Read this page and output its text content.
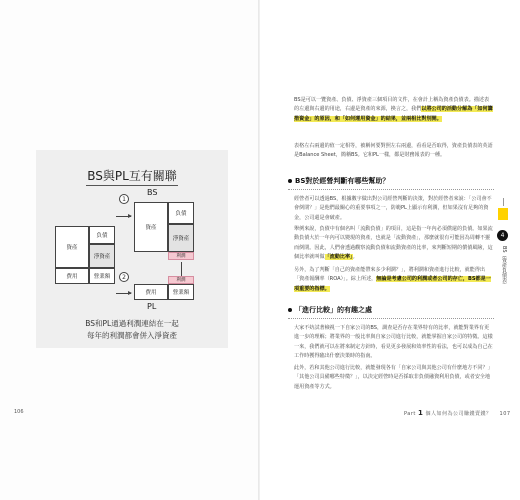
BS與PL互有關聯
BS
資產
負債
淨資產
資產
負債
淨資產
1
利潤
2
費用	營業額
利潤
費用	營業額
PL
BS和PL通過利潤連結在一起
每年的利潤都會併入淨資產
106

BS是可以一覽資產、負債、淨資產三個項目的文件，在會計上稱為資產負債表。描述表的左邊與右邊的用途，右邊是資產的來源，換言之，我們以將公司的活動分解為「如何籌措資金」的原因，和「如何運用資金」的結果，並兩相比對別開。

表格左右兩邊的值一定相等，被稱何要對照左右兩邊，看看是否取得，資產負債表的英語是Balance Sheet，簡稱BS。它和PL一樣，都是財務報表的一種。

BS對於經營判斷有哪些幫助？

經營者可以透過BS，根據數字做出對公司經營判斷的決策，對於經營者來說：「公司會不會倒閉？」是他們最關心的重要事項之一，防範PL上顯示有利潤，但如果沒有足夠的資金，公司還是會破產。

舉例來說，負債中有個名叫「流動負債」的項目，這是指一年內必須償還的負債。如果流動負債大於一年內可以變現的資產，也就是「流動資產」，那麼就很有可能因為周轉不靈而倒閉。因此，人們會透過觀察流動負債和流動資產的比率，來判斷短期的償債風險，這個比率就叫做「流動比率」。

另外，為了判斷「自己的資產能帶來多少利潤？」，將利潤和資產進行比較，就能得出「資產報酬率（ROA）」。綜上所述，無論是考慮公司的利潤或者公司的存亡，BS都是一項重要的指標。

「進行比較」的有趣之處

大家不妨試著檢視一下自家公司的BS，調查是否存在業界特有的比率，就能對業界有更進一步的理解；將業界的一般比率與自家公司進行比較，就能掌握自家公司的特徵。這樣一來，我們就可以在將來制定方針時，看見更多發展和效率性的看法，也可以成為自己在工作時獲得臨出什麼決策時的指南。

此外，若和其他公司進行比較，就能發現各有「自家公司與其他公司有什麼地方不同？」「其他公司具備哪些特徵？」，以決定經營時是否採取非負債融資利用負債，或者安全地運用資產等方式。

4
BS（資產負債表）
Part 1 個人如何為公司賺錢賣錢？ 107
